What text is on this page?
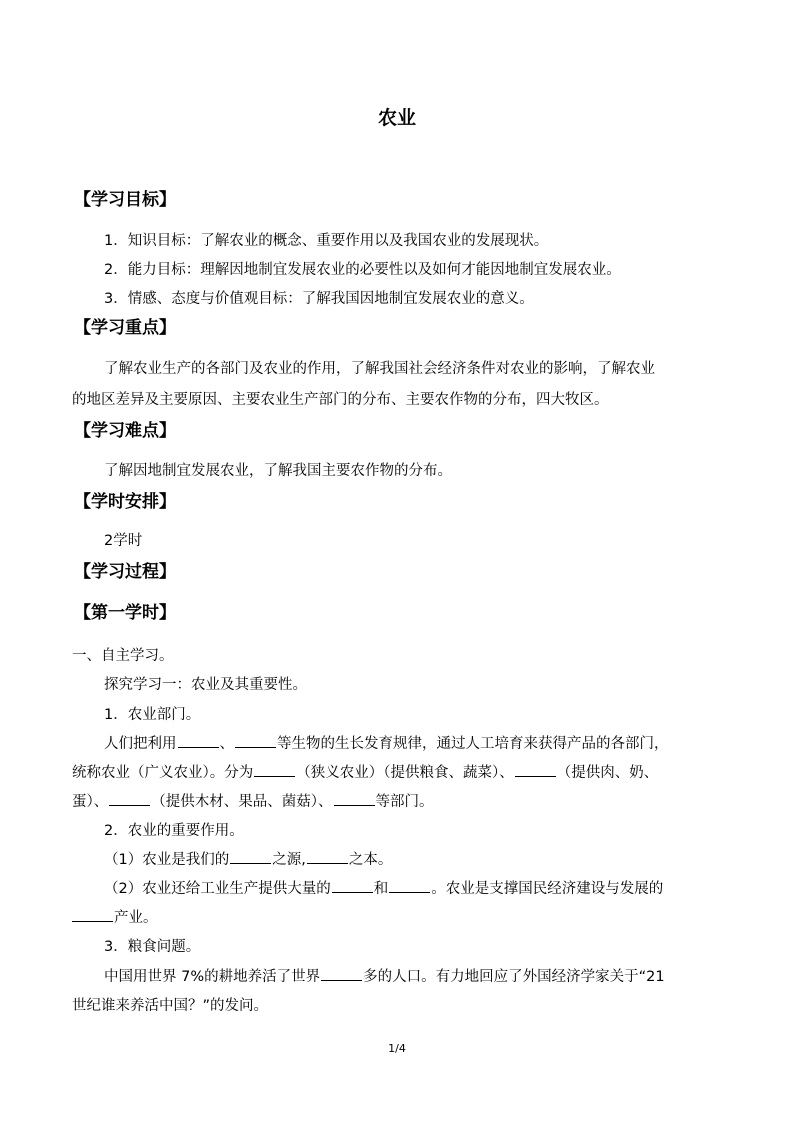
农业
【学习目标】
1．知识目标：了解农业的概念、重要作用以及我国农业的发展现状。
2．能力目标：理解因地制宜发展农业的必要性以及如何才能因地制宜发展农业。
3．情感、态度与价值观目标：了解我国因地制宜发展农业的意义。
【学习重点】
了解农业生产的各部门及农业的作用，了解我国社会经济条件对农业的影响，了解农业
的地区差异及主要原因、主要农业生产部门的分布、主要农作物的分布，四大牧区。
【学习难点】
了解因地制宜发展农业，了解我国主要农作物的分布。
【学时安排】
2学时
【学习过程】
【第一学时】
一、自主学习。
探究学习一：农业及其重要性。
1．农业部门。
人们把利用	、	等生物的生长发育规律，通过人工培育来获得产品的各部门，
统称农业（广义农业）。分为	（狭义农业）（提供粮食、蔬菜）、	（提供肉、奶、
蛋）、	（提供木材、果品、菌菇）、	等部门。
2．农业的重要作用。
（1）农业是我们的	之源,	之本。
（2）农业还给工业生产提供大量的	和	。农业是支撑国民经济建设与发展的
产业。
3．粮食问题。
中国用世界 7%的耕地养活了世界	多的人口。有力地回应了外国经济学家关于“21
世纪谁来养活中国？”的发问。
1/4
